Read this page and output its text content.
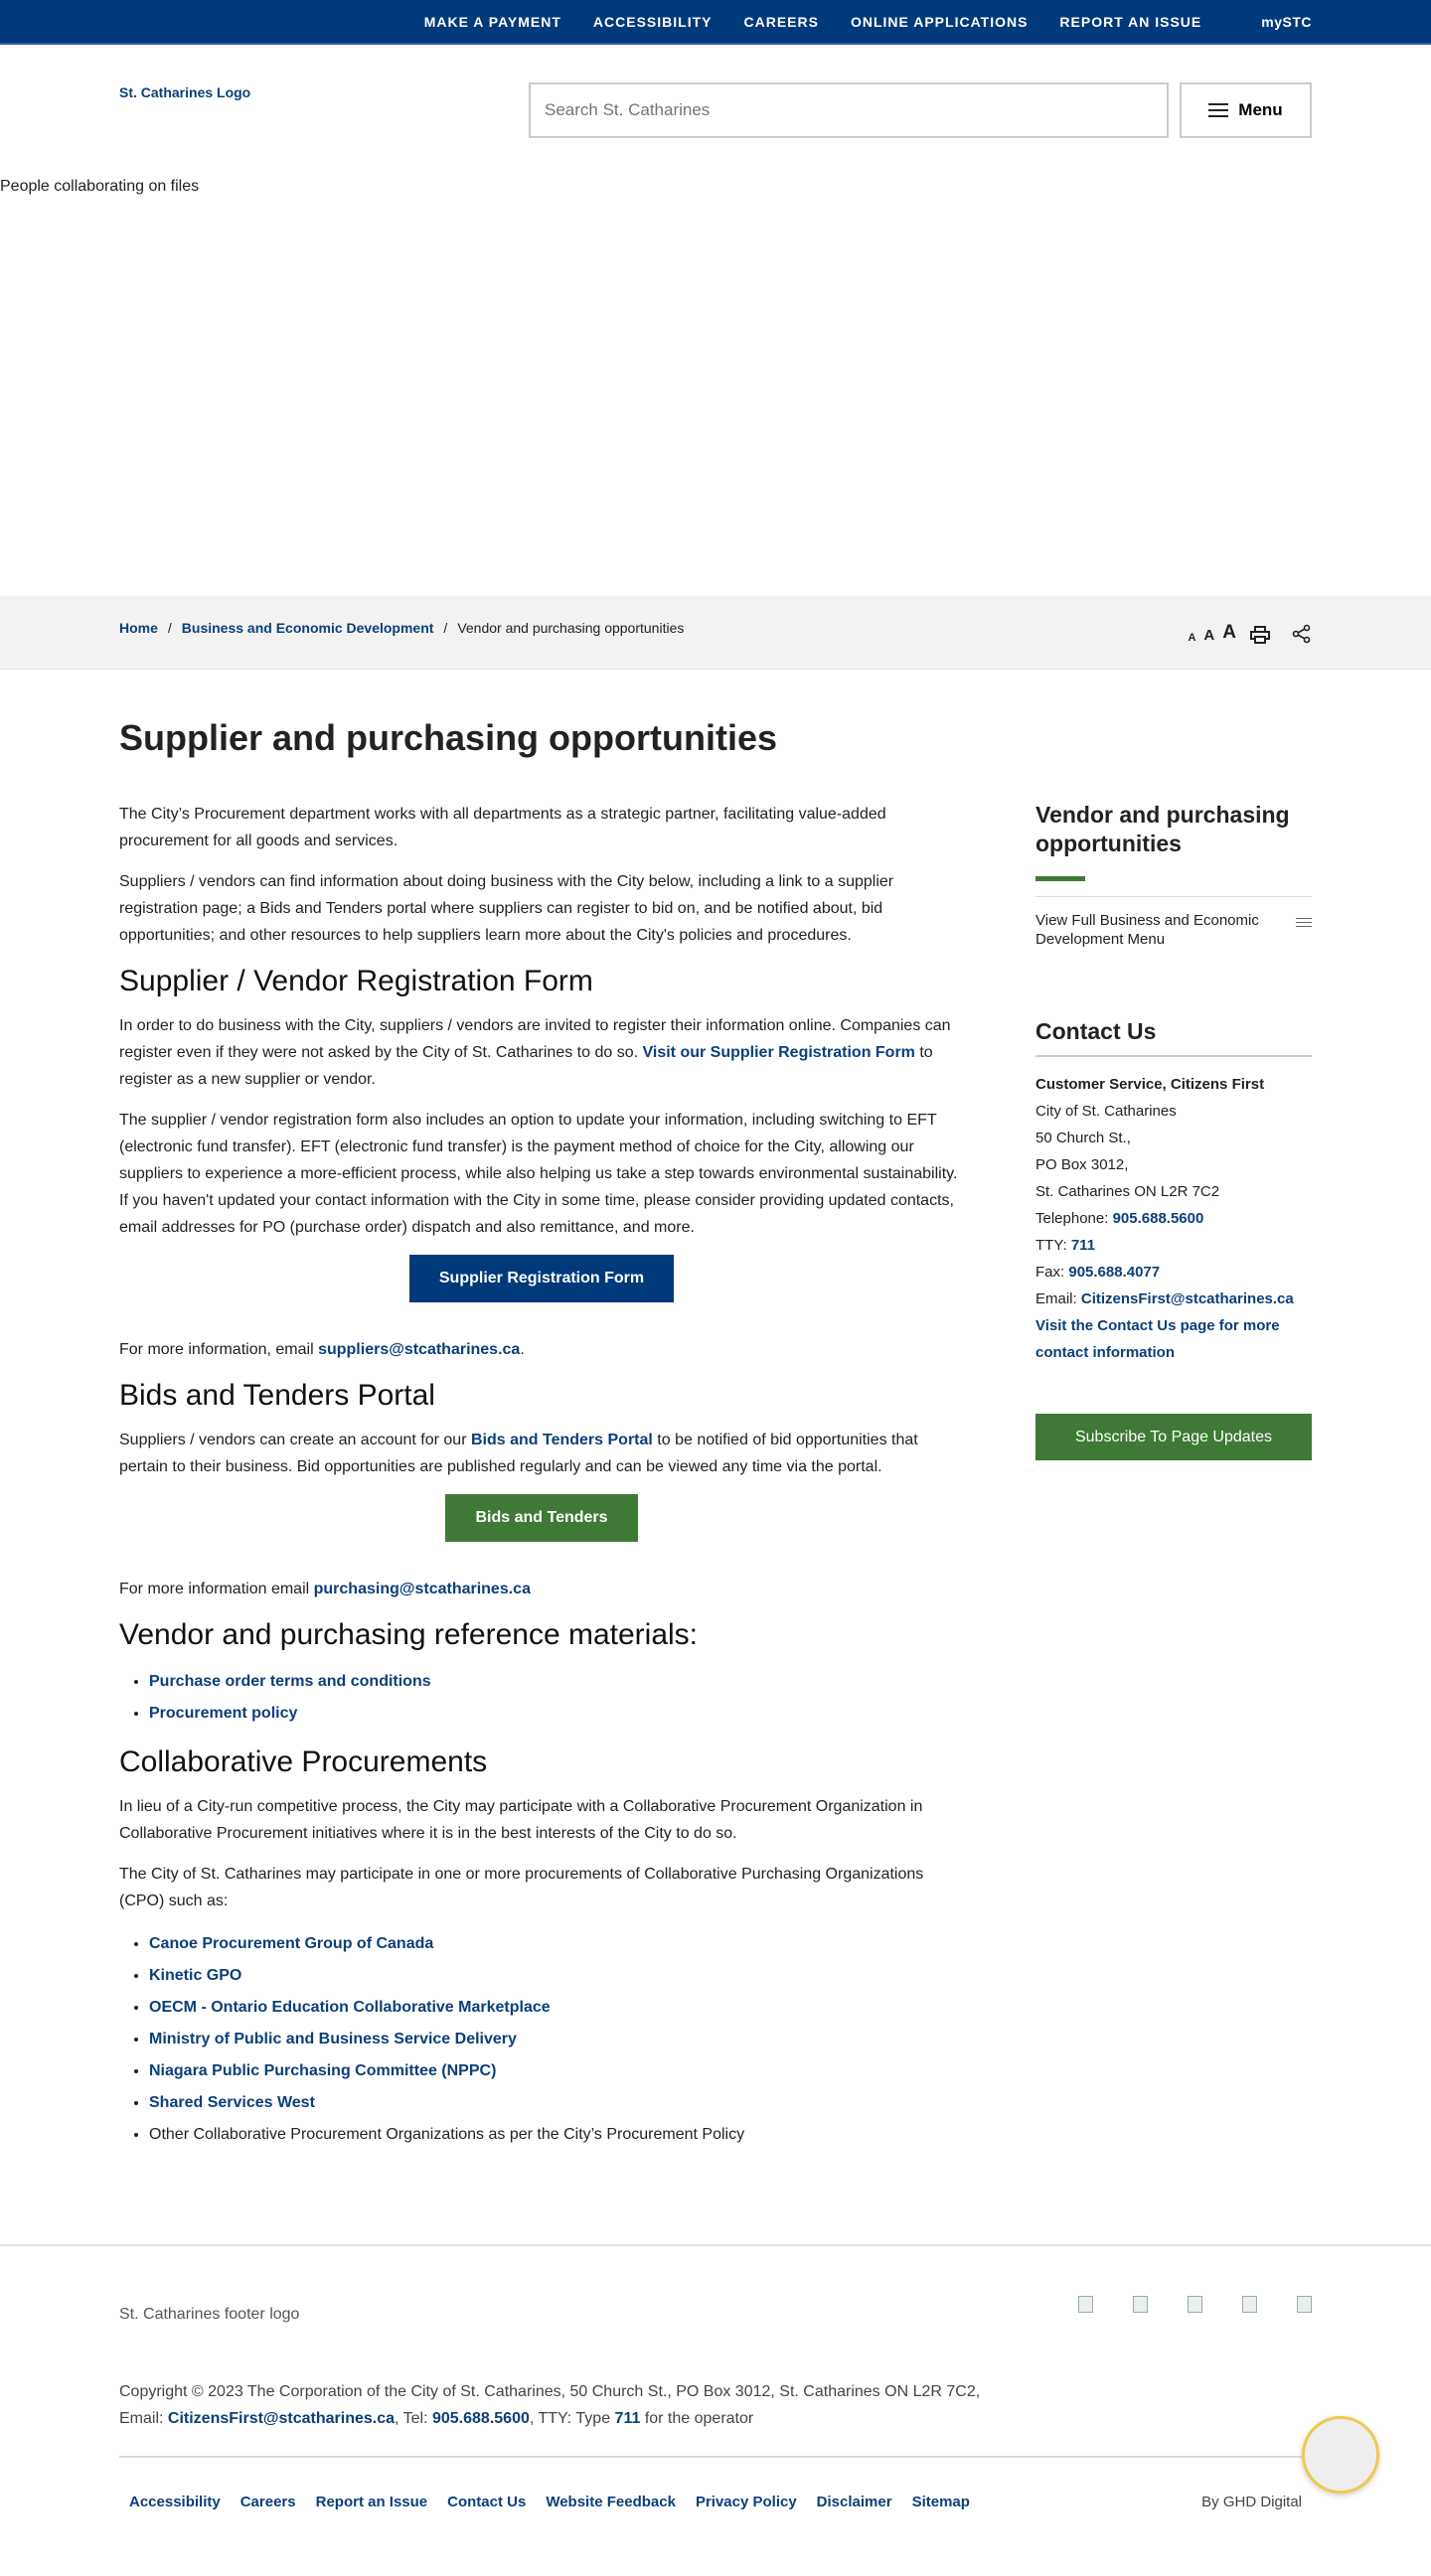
MAKE A PAYMENT ACCESSIBILITY CAREERS ONLINE APPLICATIONS REPORT AN ISSUE	mySTC
St. Catharines Logo
Search St. Catharines
Menu
People collaborating on files
Home / Business and Economic Development / Vendor and purchasing opportunities
A A A
Supplier and purchasing opportunities

The City’s Procurement department works with all departments as a strategic partner, facilitating value-added procurement for all goods and services.

Suppliers / vendors can find information about doing business with the City below, including a link to a supplier registration page; a Bids and Tenders portal where suppliers can register to bid on, and be notified about, bid opportunities; and other resources to help suppliers learn more about the City's policies and procedures.

Supplier / Vendor Registration Form

In order to do business with the City, suppliers / vendors are invited to register their information online. Companies can register even if they were not asked by the City of St. Catharines to do so. Visit our Supplier Registration Form to register as a new supplier or vendor.

The supplier / vendor registration form also includes an option to update your information, including switching to EFT (electronic fund transfer). EFT (electronic fund transfer) is the payment method of choice for the City, allowing our suppliers to experience a more-efficient process, while also helping us take a step towards environmental sustainability. If you haven't updated your contact information with the City in some time, please consider providing updated contacts, email addresses for PO (purchase order) dispatch and also remittance, and more.

Supplier Registration Form

For more information, email suppliers@stcatharines.ca.

Bids and Tenders Portal

Suppliers / vendors can create an account for our Bids and Tenders Portal to be notified of bid opportunities that pertain to their business. Bid opportunities are published regularly and can be viewed any time via the portal.

Bids and Tenders

For more information email purchasing@stcatharines.ca

Vendor and purchasing reference materials:
• Purchase order terms and conditions
• Procurement policy
Collaborative Procurements

In lieu of a City-run competitive process, the City may participate with a Collaborative Procurement Organization in Collaborative Procurement initiatives where it is in the best interests of the City to do so.

The City of St. Catharines may participate in one or more procurements of Collaborative Purchasing Organizations (CPO) such as:

• Canoe Procurement Group of Canada
• Kinetic GPO
• OECM - Ontario Education Collaborative Marketplace
• Ministry of Public and Business Service Delivery
• Niagara Public Purchasing Committee (NPPC)
• Shared Services West
• Other Collaborative Procurement Organizations as per the City’s Procurement Policy
Vendor and purchasing opportunities
View Full Business and Economic Development Menu
Contact Us

Customer Service, Citizens First

City of St. Catharines

50 Church St.,

PO Box 3012,

St. Catharines ON L2R 7C2

Telephone: 905.688.5600

TTY: 711

Fax: 905.688.4077

Email: CitizensFirst@stcatharines.ca

Visit the Contact Us page for more contact information

Subscribe To Page Updates
St. Catharines footer logo
Copyright © 2023 The Corporation of the City of St. Catharines, 50 Church St., PO Box 3012, St. Catharines ON L2R 7C2,
Email: CitizensFirst@stcatharines.ca, Tel: 905.688.5600, TTY: Type 711 for the operator
Accessibility Careers Report an Issue Contact Us Website Feedback Privacy Policy Disclaimer Sitemap	By GHD Digital
